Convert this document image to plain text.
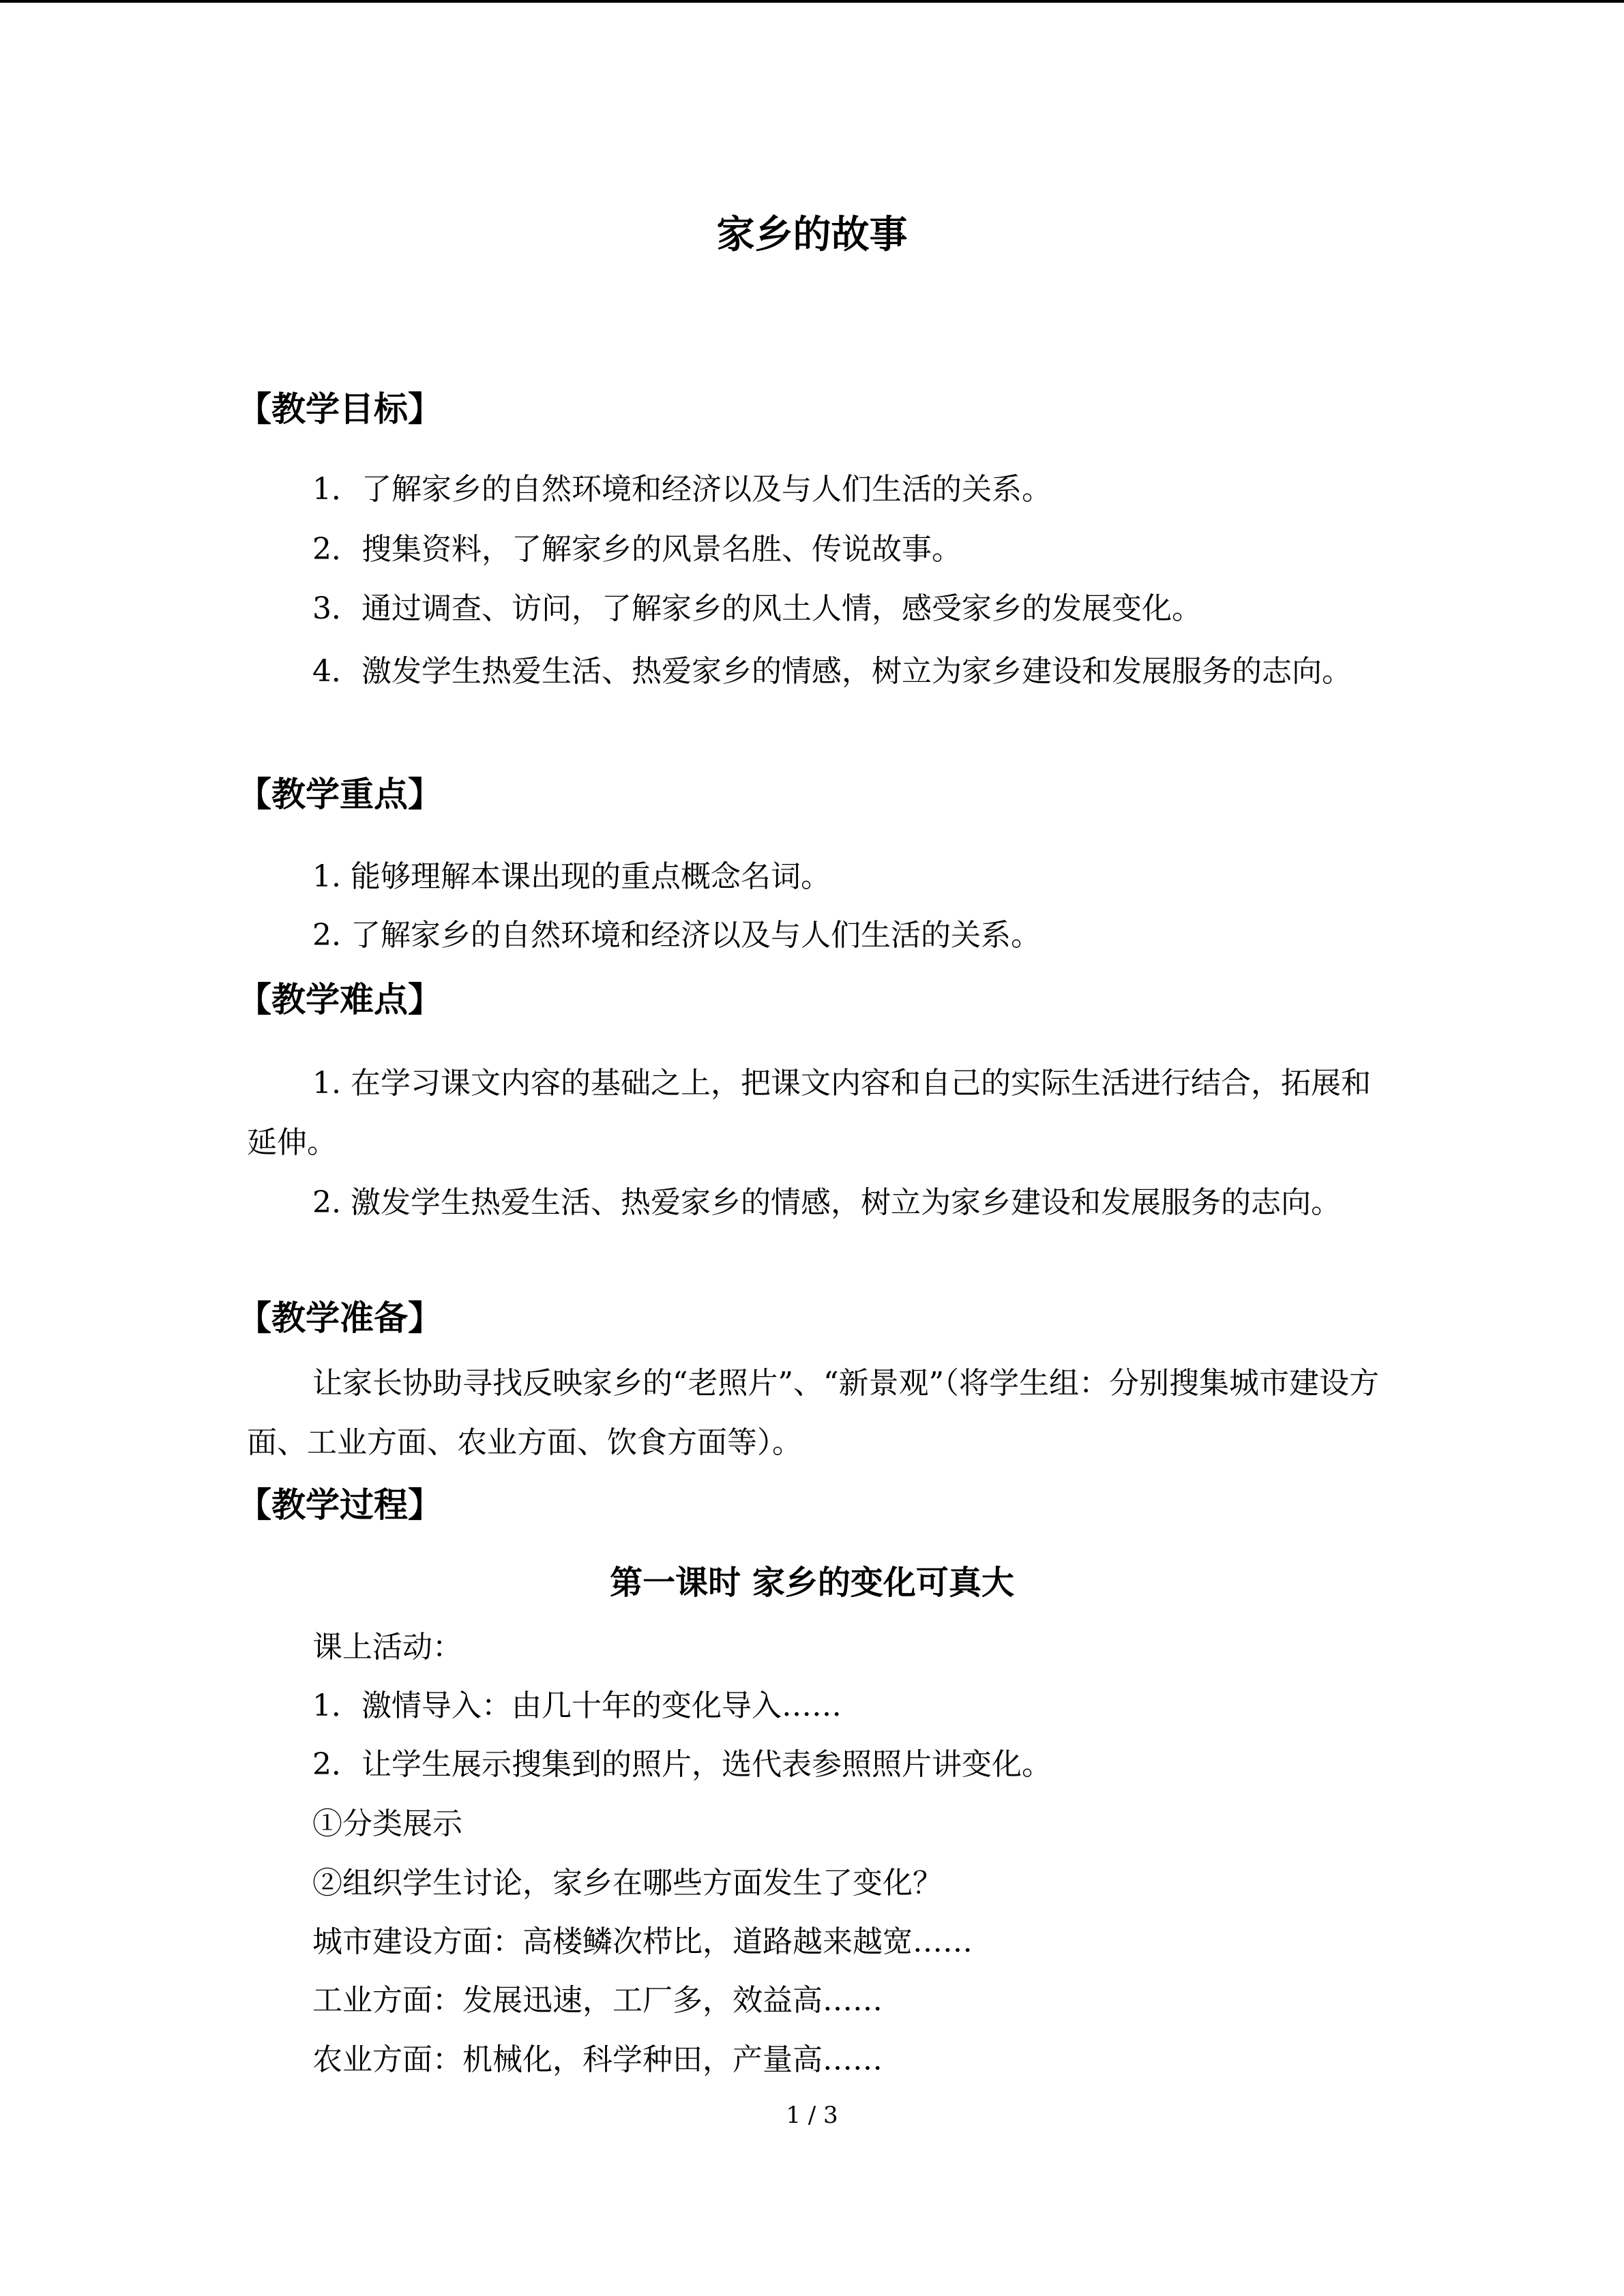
家乡的故事
【教学目标】
1．了解家乡的自然环境和经济以及与人们生活的关系。
2．搜集资料，了解家乡的风景名胜、传说故事。
3．通过调查、访问，了解家乡的风土人情，感受家乡的发展变化。

4．激发学生热爱生活、热爱家乡的情感，树立为家乡建设和发展服务的志向。

【教学重点】
1. 能够理解本课出现的重点概念名词。
2. 了解家乡的自然环境和经济以及与人们生活的关系。
【教学难点】

1. 在学习课文内容的基础之上，把课文内容和自己的实际生活进行结合，拓展和延伸。

2. 激发学生热爱生活、热爱家乡的情感，树立为家乡建设和发展服务的志向。

【教学准备】

让家长协助寻找反映家乡的“老照片”、“新景观”（将学生组：分别搜集城市建设方面、工业方面、农业方面、饮食方面等）。

【教学过程】
第一课时 家乡的变化可真大
课上活动：
1．激情导入：由几十年的变化导入……
2．让学生展示搜集到的照片，选代表参照照片讲变化。
①分类展示
②组织学生讨论，家乡在哪些方面发生了变化？
城市建设方面：高楼鳞次栉比，道路越来越宽……
工业方面：发展迅速，工厂多，效益高……
农业方面：机械化，科学种田，产量高……
1 / 3
